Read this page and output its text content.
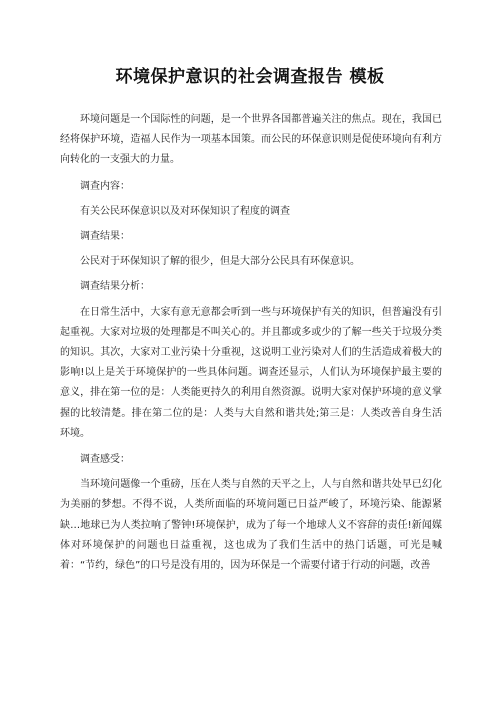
环境保护意识的社会调查报告 模板

环境问题是一个国际性的问题，是一个世界各国都普遍关注的焦点。现在，我国已经将保护环境，造福人民作为一项基本国策。而公民的环保意识则是促使环境向有利方向转化的一支强大的力量。

调查内容：

有关公民环保意识以及对环保知识了程度的调查

调查结果：

公民对于环保知识了解的很少，但是大部分公民具有环保意识。

调查结果分析：

在日常生活中，大家有意无意都会听到一些与环境保护有关的知识，但普遍没有引起重视。大家对垃圾的处理都是不叫关心的。并且都或多或少的了解一些关于垃圾分类的知识。其次，大家对工业污染十分重视，这说明工业污染对人们的生活造成着极大的影响!以上是关于环境保护的一些具体问题。调查还显示，人们认为环境保护最主要的意义，排在第一位的是：人类能更持久的利用自然资源。说明大家对保护环境的意义掌握的比较清楚。排在第二位的是：人类与大自然和谐共处;第三是：人类改善自身生活环境。

调查感受：

当环境问题像一个重磅，压在人类与自然的天平之上，人与自然和谐共处早已幻化为美丽的梦想。不得不说，人类所面临的环境问题已日益严峻了，环境污染、能源紧缺…地球已为人类拉响了警钟!环境保护，成为了每一个地球人义不容辞的责任!新闻媒体对环境保护的问题也日益重视，这也成为了我们生活中的热门话题，可光是喊着：“节约，绿色”的口号是没有用的，因为环保是一个需要付诸于行动的问题，改善
